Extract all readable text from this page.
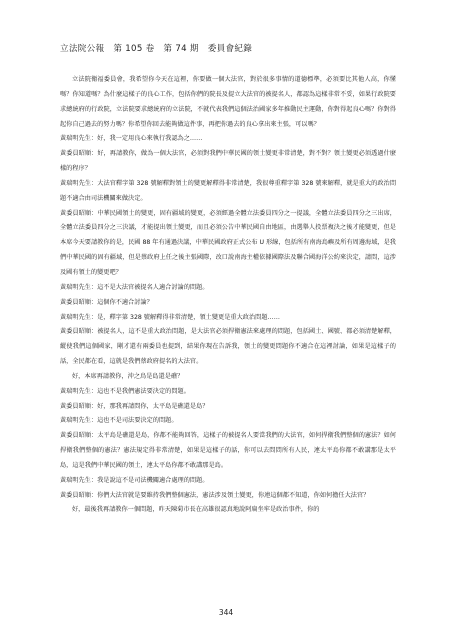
立法院公報　第 105 卷　第 74 期　委員會紀錄

立法院衛福委員會，我希望你今天在這裡，你要做一個大法官，對於很多事情的道德標準，必須要比其他人高，你懂嗎？你知道嗎？為什麼這樣子的良心工作，包括你們的院長及提立大法官的被提名人，都認為這樣非常不妥，如果行政院要求總統府的行政院，立法院要求總統府的立法院，不就代表我們這個法治國家多年推動民主運動，你對得起良心嗎？你對得起你自己過去的努力嗎？你希望你回去能夠做這件事，再把你過去的良心拿出來主張，可以嗎？

黃瑞明先生：好，我一定用良心來執行我認為之……

黃委員昭順：好，再請教你，做為一個大法官，必須對我們中華民國的領土變更非常清楚，對不對？領土變更必須透過什麼樣的程序？

黃瑞明先生：大法官釋字第 328 號解釋對領土的變更解釋得非常清楚，我很尊重釋字第 328 號來解釋，就是重大的政治問題不適合由司法機關來做決定。

黃委員昭順：中華民國領土的變更，固有疆域的變更，必須經過全體立法委員四分之一提議，全體立法委員四分之三出席，全體立法委員四分之三決議，才能提出領土變更，而且必須公告中華民國自由地區，由選舉人投票複決之後才能變更，但是本席今天要請教你的是，民國 88 年有通過決議，中華民國政府正式公布 U 形線，包括所有南海島嶼及所有周邊海域，是我們中華民國的固有疆域，但是蔡政府上任之後主張國際，改口說南海主權依據國際法及聯合國海洋公約來決定，請問，這涉及國有領土的變更吧？

黃瑞明先生：這不是大法官被提名人適合討論的問題。

黃委員昭順：這個你不適合討論？

黃瑞明先生：是，釋字第 328 號解釋得非常清楚，領土變更是重大政治問題……

黃委員昭順：被提名人，這不是重大政治問題，是大法官必須捍衛憲法來處理的問題，包括國土、國號、都必須清楚解釋，縱使我們這個國家，剛才還有兩委員也提到，結果你現在告訴我，領土的變更問題你不適合在這裡討論，如果是這樣子的話，全民都在看，這就是我們蔡政府提名的大法官。

好，本席再請教你，沖之鳥是島還是礁？

黃瑞明先生：這也不是我們憲法要決定的問題。

黃委員昭順：好，那我再請問你，太平島是礁還是島？

黃瑞明先生：這也不是司法要決定的問題。

黃委員昭順：太平島是礁還是島，你都不能夠回答，這樣子的被提名人要當我們的大法官，如何捍衛我們整個的憲法？如何捍衛我們整個的憲法？憲法規定得非常清楚，如果是這樣子的話，你可以去問問所有人民，連太平島你都不敢講那是太平島，這是我們中華民國的領土，連太平島你都不敢講那是島。

黃瑞明先生：我是說這不是司法機關適合處理的問題。

黃委員昭順：你們大法官就是要維持我們整個憲法，憲法涉及領土變更，你連這個都不知道，你如何擔任大法官？

好，最後我再請教你一個問題，昨天陳菊市長在高雄很認真地說阿扁坐牢是政治事件，你的

344
